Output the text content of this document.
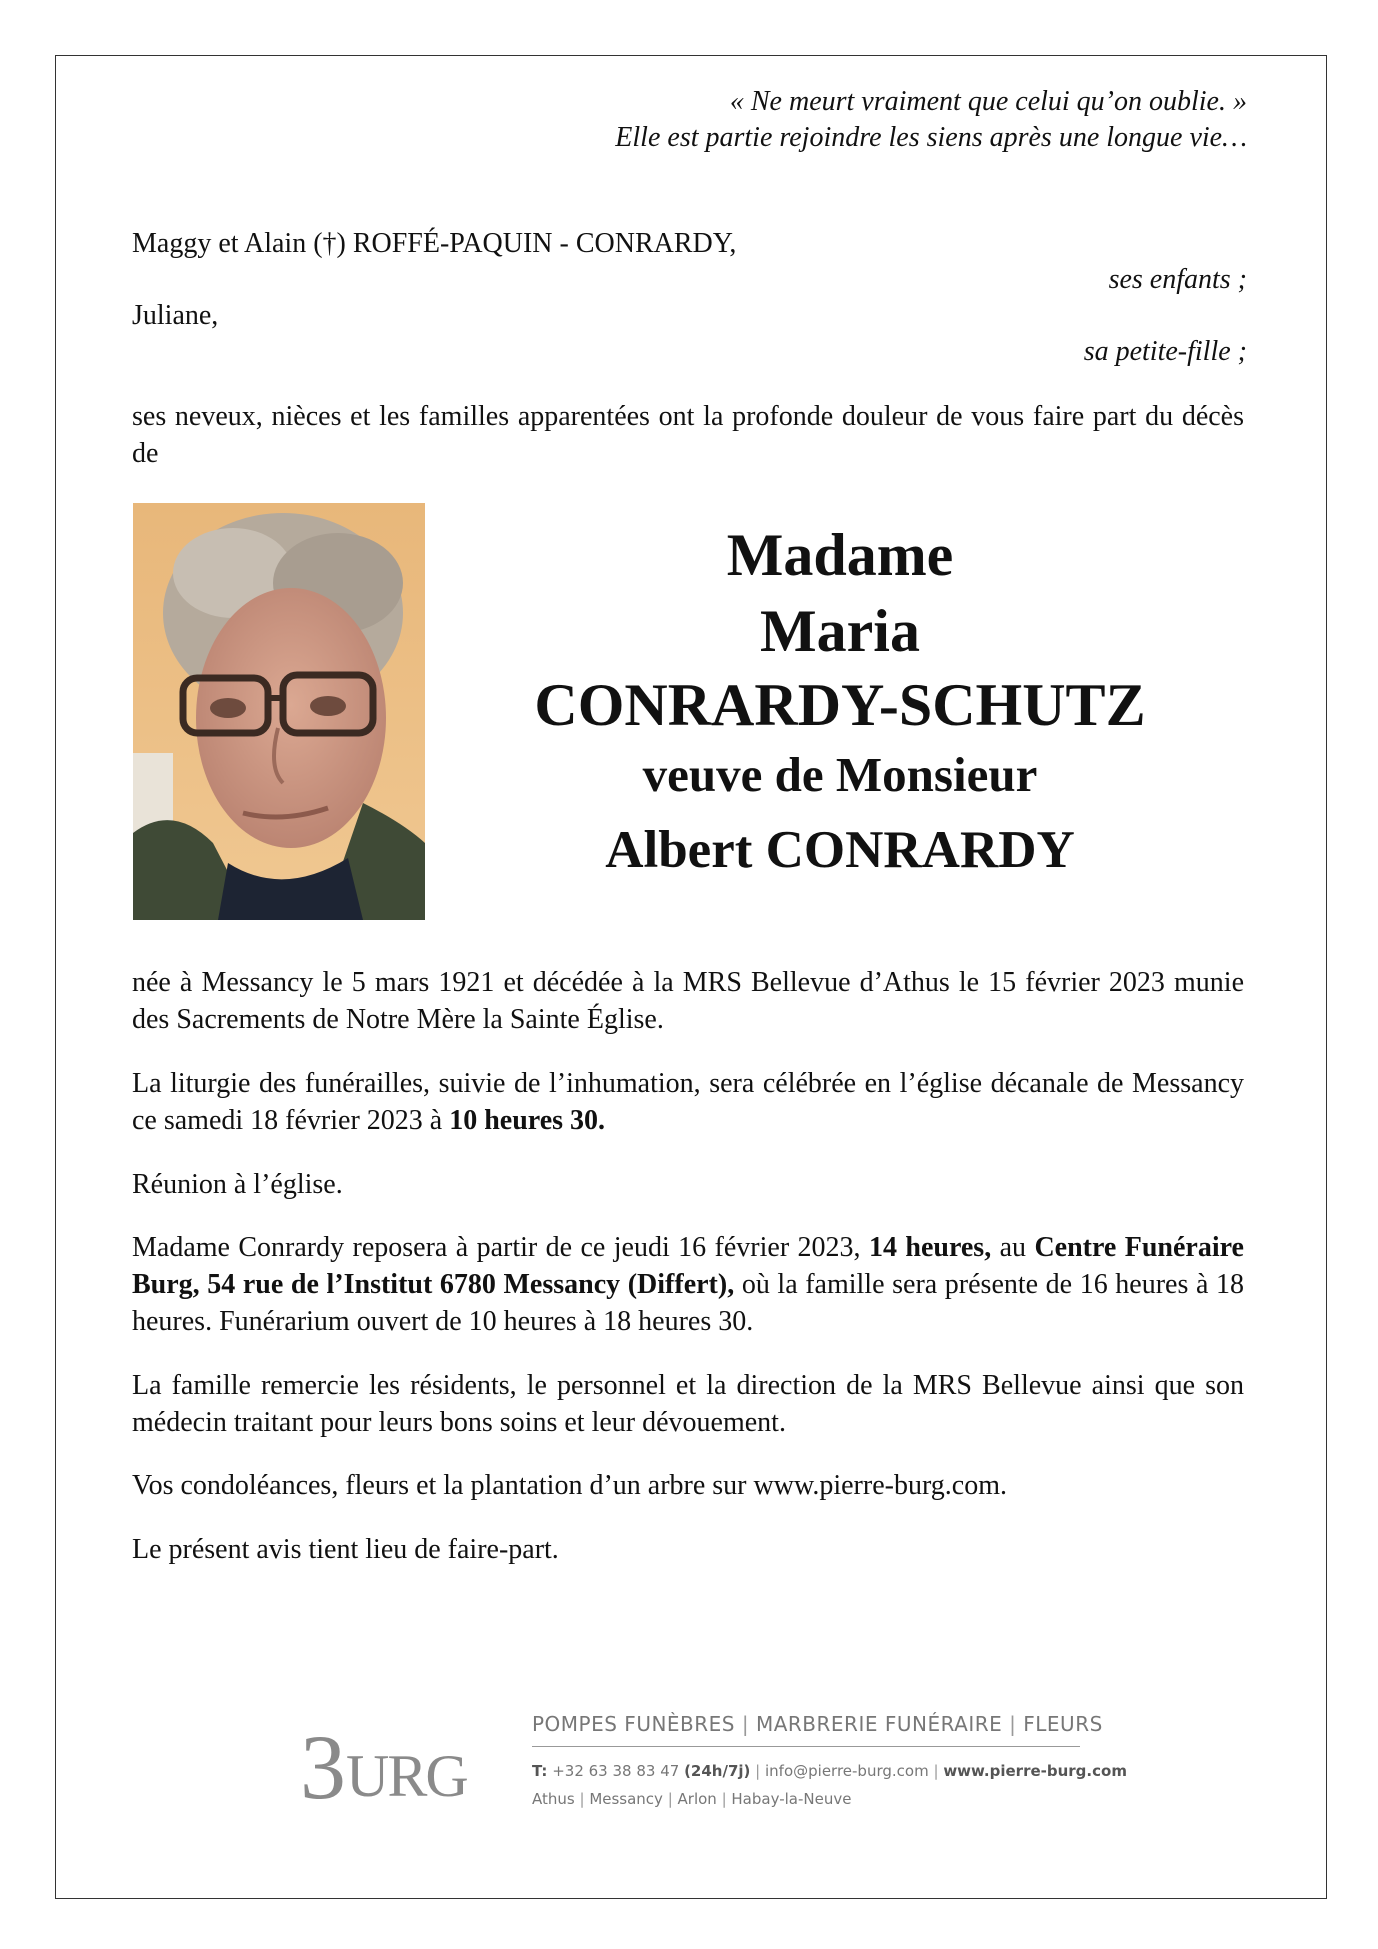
« Ne meurt vraiment que celui qu’on oublie. »
Elle est partie rejoindre les siens après une longue vie…
Maggy et Alain (†) ROFFÉ-PAQUIN - CONRARDY,
ses enfants ;
Juliane,
sa petite-fille ;
ses neveux, nièces et les familles apparentées ont la profonde douleur de vous faire part du décès de
Madame
Maria
CONRARDY-SCHUTZ
veuve de Monsieur
Albert CONRARDY
née à Messancy le 5 mars 1921 et décédée à la MRS Bellevue d’Athus le 15 février 2023 munie des Sacrements de Notre Mère la Sainte Église.
La liturgie des funérailles, suivie de l’inhumation, sera célébrée en l’église décanale de Messancy ce samedi 18 février 2023 à 10 heures 30.
Réunion à l’église.
Madame Conrardy reposera à partir de ce jeudi 16 février 2023, 14 heures, au Centre Funéraire Burg, 54 rue de l’Institut 6780 Messancy (Differt), où la famille sera présente de 16 heures à 18 heures. Funérarium ouvert de 10 heures à 18 heures 30.
La famille remercie les résidents, le personnel et la direction de la MRS Bellevue ainsi que son médecin traitant pour leurs bons soins et leur dévouement.
Vos condoléances, fleurs et la plantation d’un arbre sur www.pierre-burg.com.
Le présent avis tient lieu de faire-part.
3 URG
POMPES FUNÈBRES | MARBRERIE FUNÉRAIRE | FLEURS
T: +32 63 38 83 47 (24h/7j) | info@pierre-burg.com | www.pierre-burg.com
Athus | Messancy | Arlon | Habay-la-Neuve
